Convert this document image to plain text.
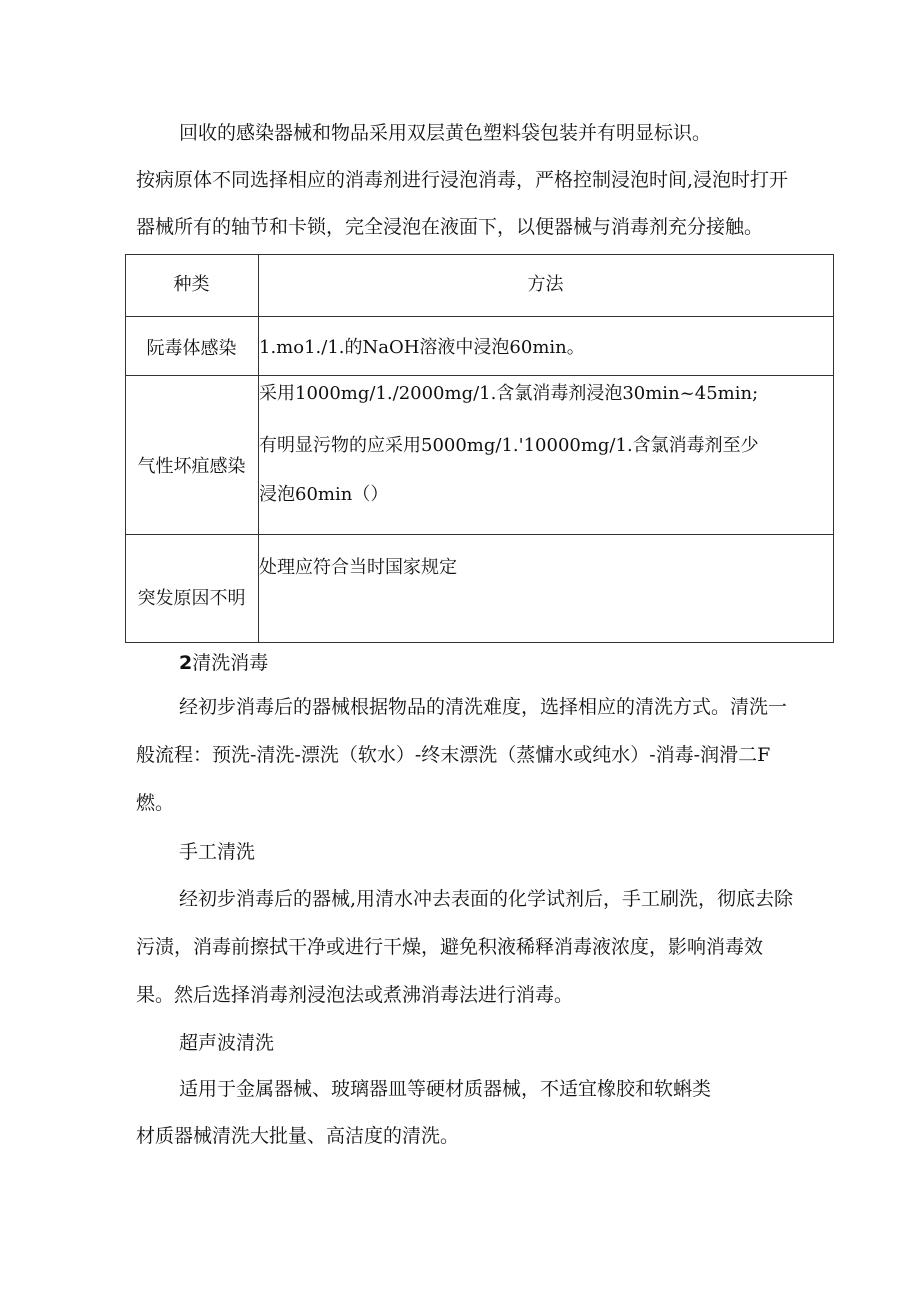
回收的感染器械和物品采用双层黄色塑料袋包装并有明显标识。
按病原体不同选择相应的消毒剂进行浸泡消毒，严格控制浸泡时间,浸泡时打开
器械所有的轴节和卡锁，完全浸泡在液面下，以便器械与消毒剂充分接触。
种类	方法
阮毒体感染	1.mo1./1.的NaOH溶液中浸泡60min。
气性坏疽感染
采用1000mg/1./2000mg/1.含氯消毒剂浸泡30min~45min;
有明显污物的应采用5000mg/1.'10000mg/1.含氯消毒剂至少
浸泡60min（）
突发原因不明
处理应符合当时国家规定
2清洗消毒
经初步消毒后的器械根据物品的清洗难度，选择相应的清洗方式。清洗一
般流程：预洗-清洗-漂洗（软水）-终末漂洗（蒸慵水或纯水）-消毒-润滑二F
燃。
手工清洗
经初步消毒后的器械,用清水冲去表面的化学试剂后，手工刷洗，彻底去除
污渍，消毒前擦拭干净或进行干燥，避免积液稀释消毒液浓度，影响消毒效
果。然后选择消毒剂浸泡法或煮沸消毒法进行消毒。
超声波清洗
适用于金属器械、玻璃器皿等硬材质器械，不适宜橡胶和软蝌类
材质器械清洗大批量、高洁度的清洗。
